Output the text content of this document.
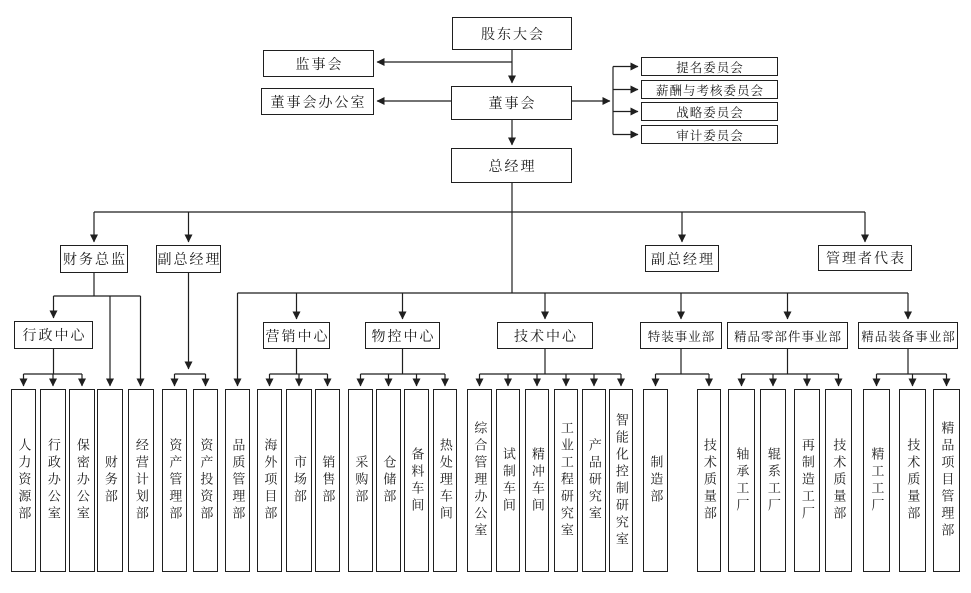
股东大会
监事会
董事会办公室	董事会
提名委员会
薪酬与考核委员会
战略委员会
审计委员会
总经理
财务总监 副总经理	副总经理	管理者代表
行政中心	营销中心	物控中心	技术中心	特装事业部	精品零部件事业部	精品装备事业部
人力资源部	行政办公室	保密办公室	财务部	经营计划部	资产管理部	资产投资部	品质管理部	海外项目部	市场部	销售部	采购部	仓储部	备料车间	热处理车间	综合管理办公室	试制车间	精冲车间	工业工程研究室	产品研究室 智能化控制研究室	制造部	技术质量部	轴承工厂	辊系工厂	再制造工厂	技术质量部	精工工厂	技术质量部	精品项目管理部
